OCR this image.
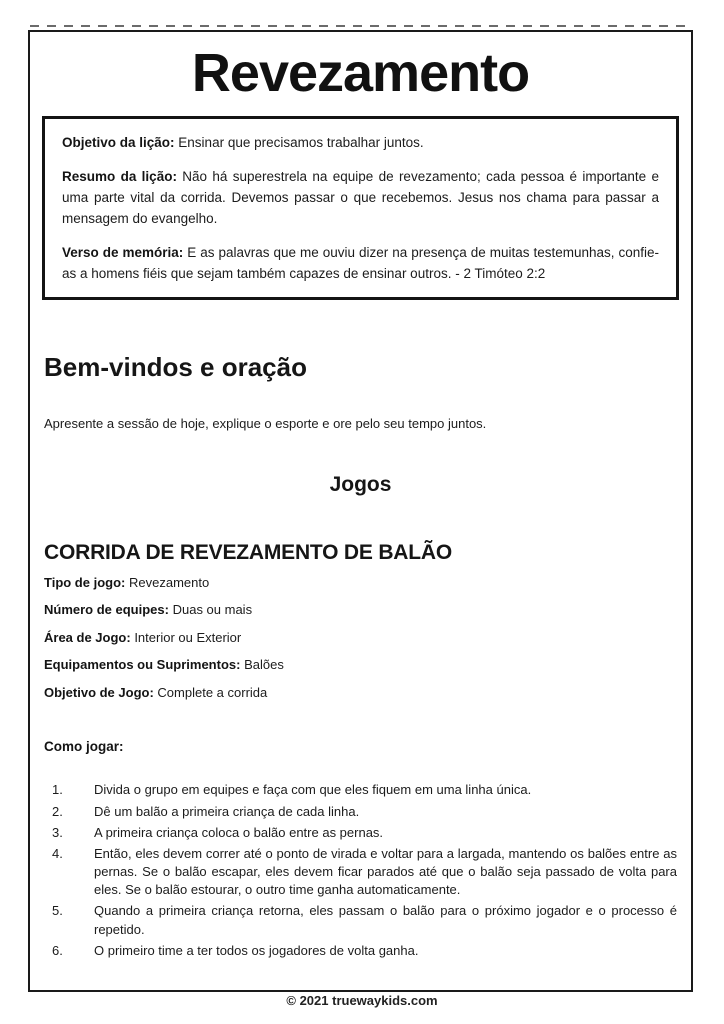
Revezamento

Objetivo da lição: Ensinar que precisamos trabalhar juntos.

Resumo da lição: Não há superestrela na equipe de revezamento; cada pessoa é importante e uma parte vital da corrida. Devemos passar o que recebemos. Jesus nos chama para passar a mensagem do evangelho.

Verso de memória: E as palavras que me ouviu dizer na presença de muitas testemunhas, confie-as a homens fiéis que sejam também capazes de ensinar outros. - 2 Timóteo 2:2

Bem-vindos e oração

Apresente a sessão de hoje, explique o esporte e ore pelo seu tempo juntos.

Jogos
CORRIDA DE REVEZAMENTO DE BALÃO

Tipo de jogo: Revezamento

Número de equipes: Duas ou mais

Área de Jogo: Interior ou Exterior

Equipamentos ou Suprimentos: Balões

Objetivo de Jogo: Complete a corrida

Como jogar:

1.	Divida o grupo em equipes e faça com que eles fiquem em uma linha única.
2.	Dê um balão a primeira criança de cada linha.
3.	A primeira criança coloca o balão entre as pernas.
4.	Então, eles devem correr até o ponto de virada e voltar para a largada, mantendo os balões entre as pernas. Se o balão escapar, eles devem ficar parados até que o balão seja passado de volta para eles. Se o balão estourar, o outro time ganha automaticamente.
5.	Quando a primeira criança retorna, eles passam o balão para o próximo jogador e o processo é repetido.
6.	O primeiro time a ter todos os jogadores de volta ganha.
© 2021 truewaykids.com
